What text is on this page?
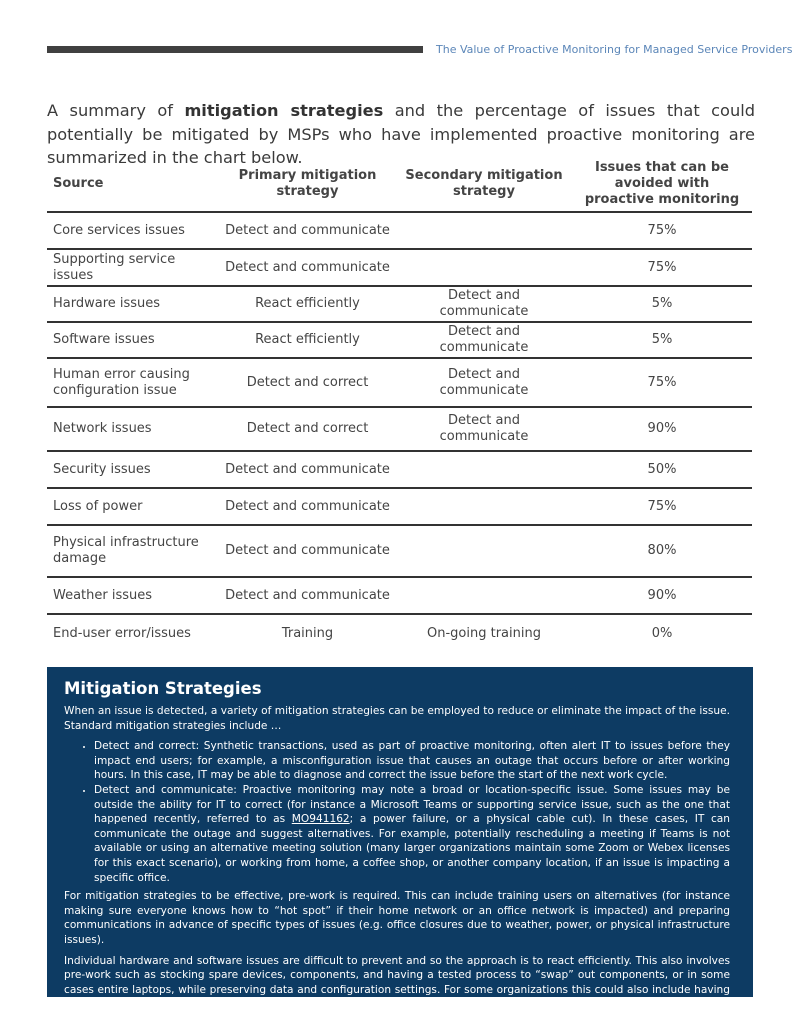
The Value of Proactive Monitoring for Managed Service Providers
A summary of mitigation strategies and the percentage of issues that could potentially be mitigated by MSPs who have implemented proactive monitoring are summarized in the chart below.
Source	Primary mitigation strategy	Secondary mitigation strategy	Issues that can be avoided with proactive monitoring
Core services issues	Detect and communicate		75%
Supporting service issues	Detect and communicate		75%
Hardware issues	React efficiently	Detect and communicate	5%
Software issues	React efficiently	Detect and communicate	5%
Human error causing configuration issue	Detect and correct	Detect and communicate	75%
Network issues	Detect and correct	Detect and communicate	90%
Security issues	Detect and communicate		50%
Loss of power	Detect and communicate		75%
Physical infrastructure damage	Detect and communicate		80%
Weather issues	Detect and communicate		90%
End-user error/issues	Training	On-going training	0%
Mitigation Strategies

When an issue is detected, a variety of mitigation strategies can be employed to reduce or eliminate the impact of the issue. Standard mitigation strategies include …

• Detect and correct: Synthetic transactions, used as part of proactive monitoring, often alert IT to issues before they impact end users; for example, a misconfiguration issue that causes an outage that occurs before or after working hours. In this case, IT may be able to diagnose and correct the issue before the start of the next work cycle.
• Detect and communicate: Proactive monitoring may note a broad or location-specific issue. Some issues may be outside the ability for IT to correct (for instance a Microsoft Teams or supporting service issue, such as the one that happened recently, referred to as MO941162; a power failure, or a physical cable cut). In these cases, IT can communicate the outage and suggest alternatives. For example, potentially rescheduling a meeting if Teams is not available or using an alternative meeting solution (many larger organizations maintain some Zoom or Webex licenses for this exact scenario), or working from home, a coffee shop, or another company location, if an issue is impacting a specific office.

For mitigation strategies to be effective, pre-work is required. This can include training users on alternatives (for instance making sure everyone knows how to “hot spot” if their home network or an office network is impacted) and preparing communications in advance of specific types of issues (e.g. office closures due to weather, power, or physical infrastructure issues).

Individual hardware and software issues are difficult to prevent and so the approach is to react efficiently. This also involves pre-work such as stocking spare devices, components, and having a tested process to “swap” out components, or in some cases entire laptops, while preserving data and configuration settings. For some organizations this could also include having “loaner” laptops that can be used while a full replacement is being arranged.
